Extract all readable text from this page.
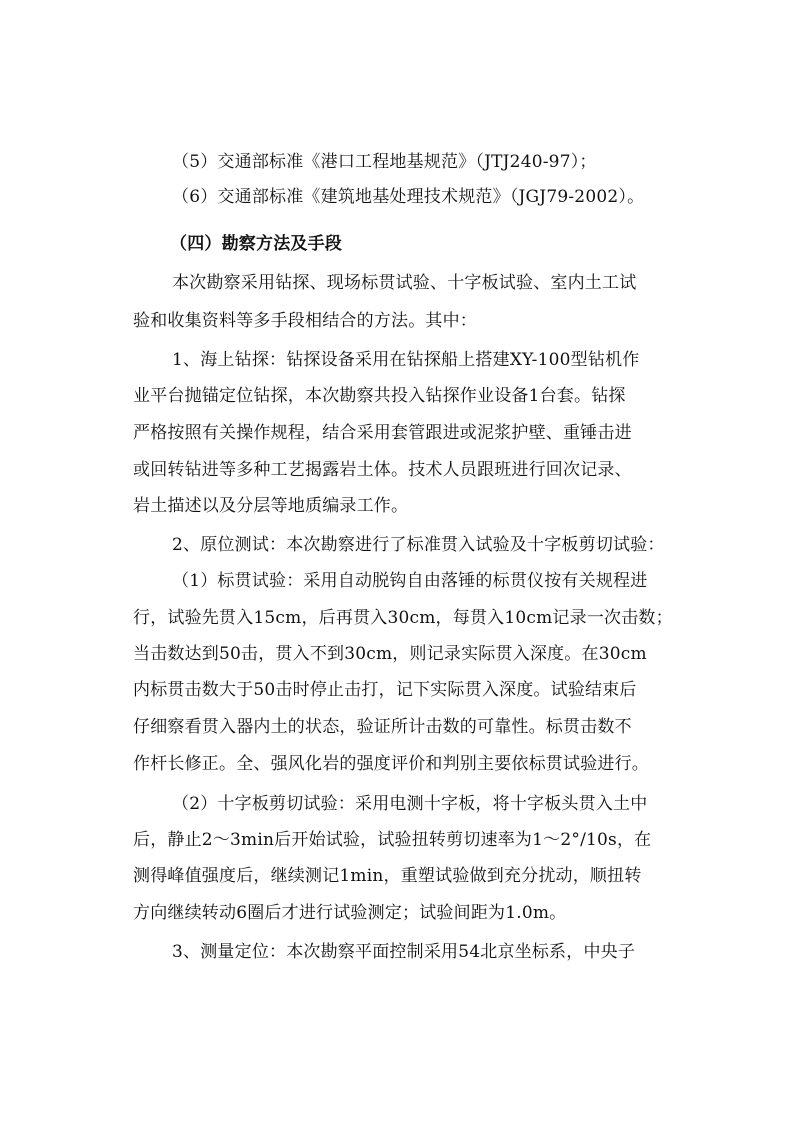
（5）交通部标准《港口工程地基规范》（JTJ240-97）；
（6）交通部标准《建筑地基处理技术规范》（JGJ79-2002）。
（四）勘察方法及手段
本次勘察采用钻探、现场标贯试验、十字板试验、室内土工试
验和收集资料等多手段相结合的方法。其中：
1、海上钻探：钻探设备采用在钻探船上搭建XY-100型钻机作
业平台抛锚定位钻探，本次勘察共投入钻探作业设备1台套。钻探
严格按照有关操作规程，结合采用套管跟进或泥浆护壁、重锤击进
或回转钻进等多种工艺揭露岩土体。技术人员跟班进行回次记录、
岩土描述以及分层等地质编录工作。
2、原位测试：本次勘察进行了标准贯入试验及十字板剪切试验：
（1）标贯试验：采用自动脱钩自由落锤的标贯仪按有关规程进
行，试验先贯入15cm，后再贯入30cm，每贯入10cm记录一次击数；
当击数达到50击，贯入不到30cm，则记录实际贯入深度。在30cm
内标贯击数大于50击时停止击打，记下实际贯入深度。试验结束后
仔细察看贯入器内土的状态，验证所计击数的可靠性。标贯击数不
作杆长修正。全、强风化岩的强度评价和判别主要依标贯试验进行。
（2）十字板剪切试验：采用电测十字板，将十字板头贯入土中
后，静止2～3min后开始试验，试验扭转剪切速率为1～2°/10s，在
测得峰值强度后，继续测记1min，重塑试验做到充分扰动，顺扭转
方向继续转动6圈后才进行试验测定；试验间距为1.0m。
3、测量定位：本次勘察平面控制采用54北京坐标系，中央子
